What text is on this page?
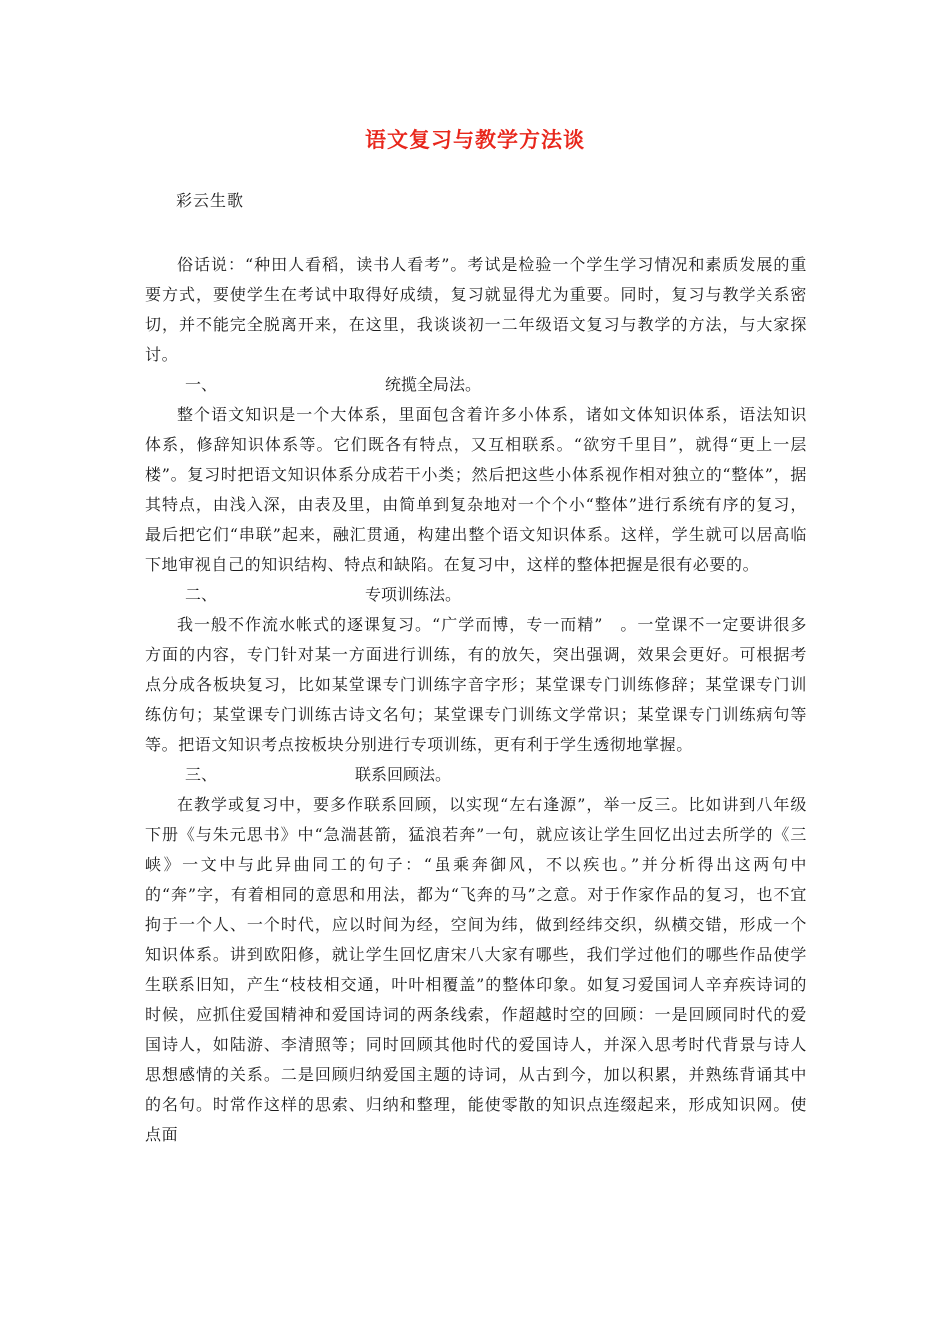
语文复习与教学方法谈
彩云生歌

俗话说：“种田人看稻，读书人看考”。考试是检验一个学生学习情况和素质发展的重要方式，要使学生在考试中取得好成绩，复习就显得尤为重要。同时，复习与教学关系密切，并不能完全脱离开来，在这里，我谈谈初一二年级语文复习与教学的方法，与大家探讨。

一、	统揽全局法。

整个语文知识是一个大体系，里面包含着许多小体系，诸如文体知识体系，语法知识体系，修辞知识体系等。它们既各有特点，又互相联系。“欲穷千里目”，就得“更上一层楼”。复习时把语文知识体系分成若干小类；然后把这些小体系视作相对独立的“整体”，据其特点，由浅入深，由表及里，由简单到复杂地对一个个小“整体”进行系统有序的复习，最后把它们“串联”起来，融汇贯通，构建出整个语文知识体系。这样，学生就可以居高临下地审视自己的知识结构、特点和缺陷。在复习中，这样的整体把握是很有必要的。

二、	专项训练法。

我一般不作流水帐式的逐课复习。“广学而博，专一而精”　。一堂课不一定要讲很多方面的内容，专门针对某一方面进行训练，有的放矢，突出强调，效果会更好。可根据考点分成各板块复习，比如某堂课专门训练字音字形；某堂课专门训练修辞；某堂课专门训练仿句；某堂课专门训练古诗文名句；某堂课专门训练文学常识；某堂课专门训练病句等等。把语文知识考点按板块分别进行专项训练，更有利于学生透彻地掌握。

三、	联系回顾法。

在教学或复习中，要多作联系回顾，以实现“左右逢源”，举一反三。比如讲到八年级下册《与朱元思书》中“急湍甚箭，猛浪若奔”一句，就应该让学生回忆出过去所学的《三峡》一文中与此异曲同工的句子：“虽乘奔御风，不以疾也。”并分析得出这两句中的“奔”字，有着相同的意思和用法，都为“飞奔的马”之意。对于作家作品的复习，也不宜拘于一个人、一个时代，应以时间为经，空间为纬，做到经纬交织，纵横交错，形成一个知识体系。讲到欧阳修，就让学生回忆唐宋八大家有哪些，我们学过他们的哪些作品使学生联系旧知，产生“枝枝相交通，叶叶相覆盖”的整体印象。如复习爱国词人辛弃疾诗词的时候，应抓住爱国精神和爱国诗词的两条线索，作超越时空的回顾：一是回顾同时代的爱国诗人，如陆游、李清照等；同时回顾其他时代的爱国诗人，并深入思考时代背景与诗人思想感情的关系。二是回顾归纳爱国主题的诗词，从古到今，加以积累，并熟练背诵其中的名句。时常作这样的思索、归纳和整理，能使零散的知识点连缀起来，形成知识网。使点面
